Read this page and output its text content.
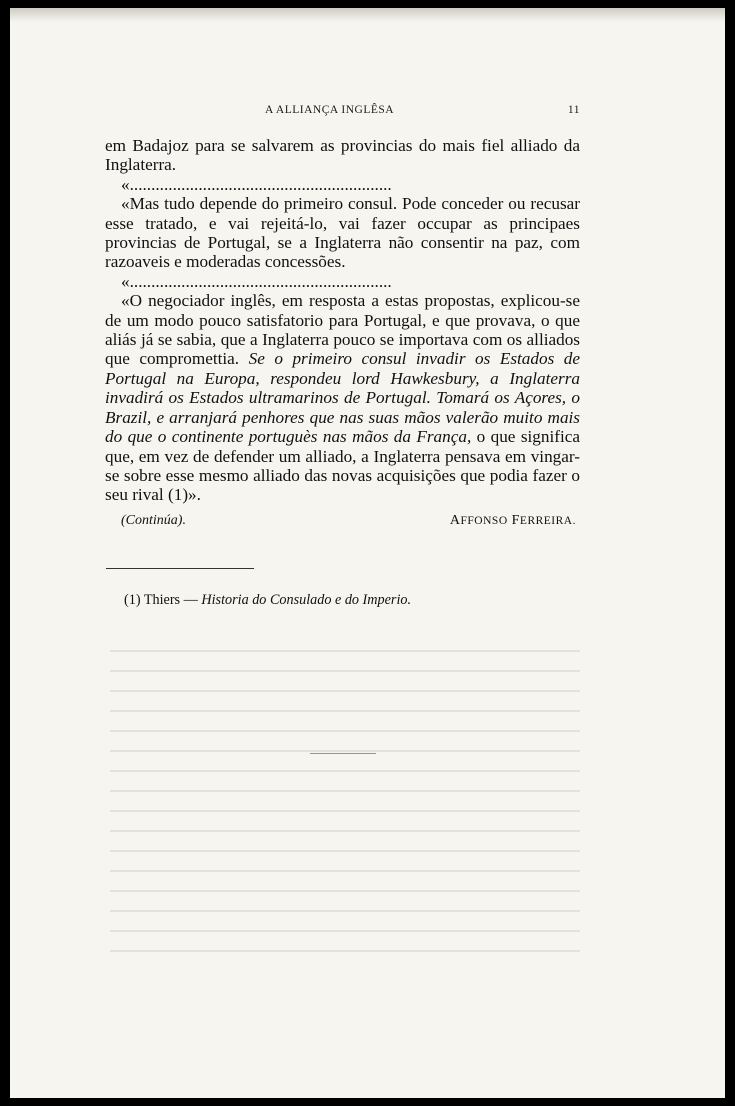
A ALLIANÇA INGLÊSA	11

em Badajoz para se salvarem as provincias do mais fiel alliado da Inglaterra.

«.............................................................

«Mas tudo depende do primeiro consul. Pode conceder ou recusar esse tratado, e vai rejeitá-lo, vai fazer occupar as principaes provincias de Portugal, se a Inglaterra não consentir na paz, com razoaveis e moderadas concessões.

«.............................................................

«O negociador inglês, em resposta a estas propostas, explicou-se de um modo pouco satisfatorio para Portugal, e que provava, o que aliás já se sabia, que a Inglaterra pouco se importava com os alliados que compromettia. Se o primeiro consul invadir os Estados de Portugal na Europa, respondeu lord Hawkesbury, a Inglaterra invadirá os Estados ultramarinos de Portugal. Tomará os Açores, o Brazil, e arranjará penhores que nas suas mãos valerão muito mais do que o continente portuguès nas mãos da França, o que significa que, em vez de defender um alliado, a Inglaterra pensava em vingar-se sobre esse mesmo alliado das novas acquisições que podia fazer o seu rival (1)».

(Continúa).	AFFONSO FERREIRA.
(1) Thiers — Historia do Consulado e do Imperio.
